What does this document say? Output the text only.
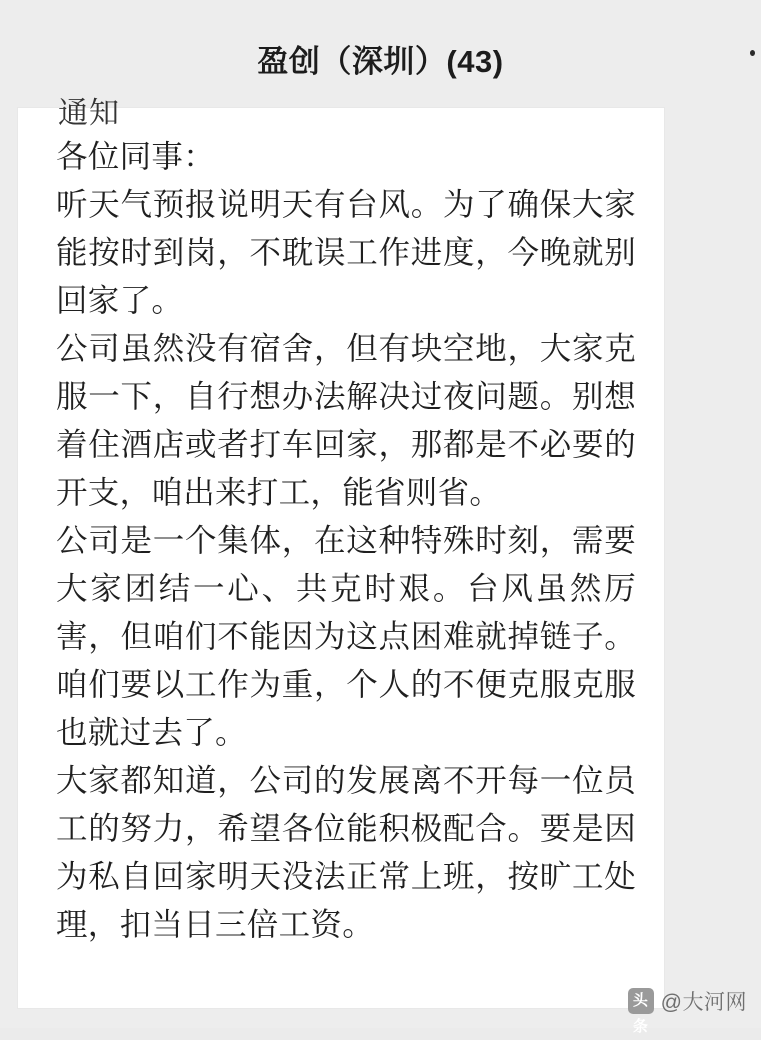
盈创（深圳）(43)
通知

各位同事：

听天气预报说明天有台风。为了确保大家能按时到岗，不耽误工作进度，今晚就别回家了。

公司虽然没有宿舍，但有块空地，大家克服一下，自行想办法解决过夜问题。别想着住酒店或者打车回家，那都是不必要的开支，咱出来打工，能省则省。

公司是一个集体，在这种特殊时刻，需要大家团结一心、共克时艰。台风虽然厉害，但咱们不能因为这点困难就掉链子。咱们要以工作为重，个人的不便克服克服也就过去了。

大家都知道，公司的发展离不开每一位员工的努力，希望各位能积极配合。要是因为私自回家明天没法正常上班，按旷工处理，扣当日三倍工资。

头条
@大河网
